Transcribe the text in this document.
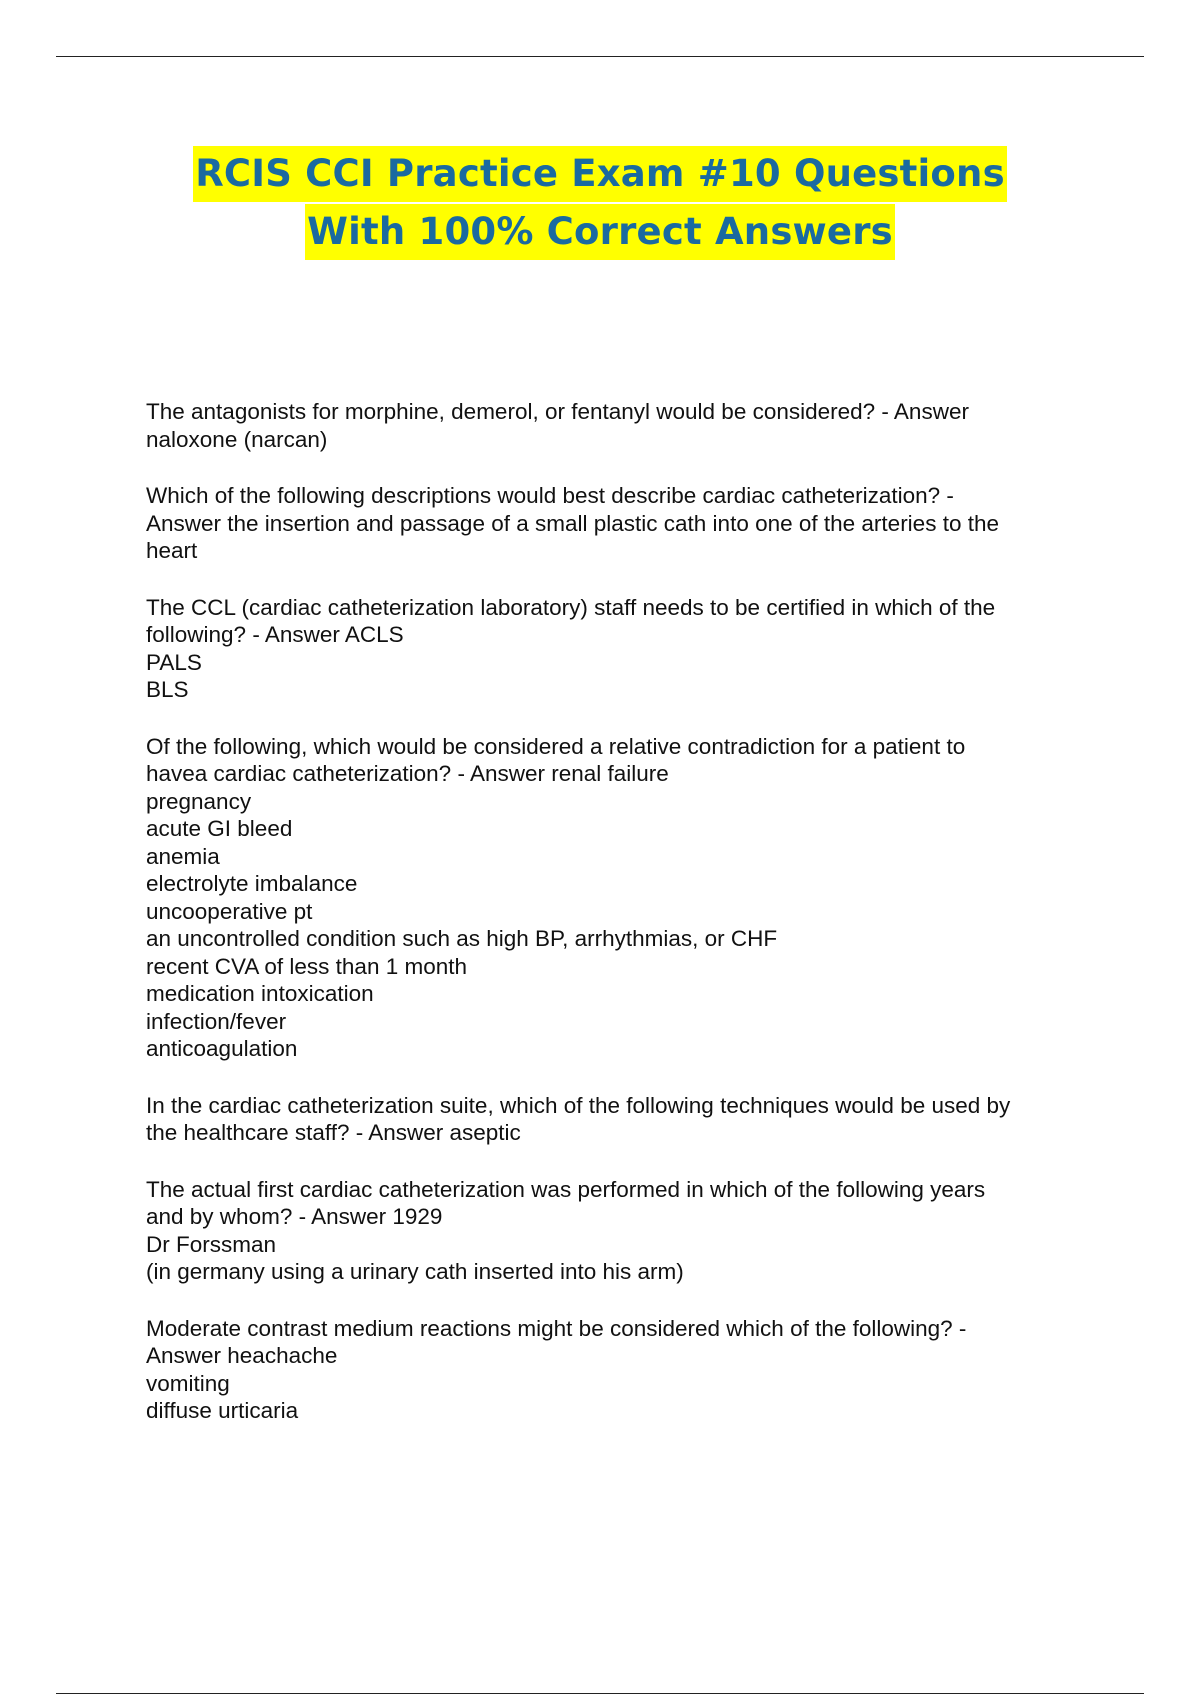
RCIS CCI Practice Exam #10 Questions
With 100% Correct Answers
The antagonists for morphine, demerol, or fentanyl would be considered? - Answer
naloxone (narcan)
Which of the following descriptions would best describe cardiac catheterization? -
Answer the insertion and passage of a small plastic cath into one of the arteries to the
heart
The CCL (cardiac catheterization laboratory) staff needs to be certified in which of the
following? - Answer ACLS
PALS
BLS
Of the following, which would be considered a relative contradiction for a patient to
havea cardiac catheterization? - Answer renal failure
pregnancy
acute GI bleed
anemia
electrolyte imbalance
uncooperative pt
an uncontrolled condition such as high BP, arrhythmias, or CHF
recent CVA of less than 1 month
medication intoxication
infection/fever
anticoagulation
In the cardiac catheterization suite, which of the following techniques would be used by
the healthcare staff? - Answer aseptic
The actual first cardiac catheterization was performed in which of the following years
and by whom? - Answer 1929
Dr Forssman
(in germany using a urinary cath inserted into his arm)
Moderate contrast medium reactions might be considered which of the following? -
Answer heachache
vomiting
diffuse urticaria
